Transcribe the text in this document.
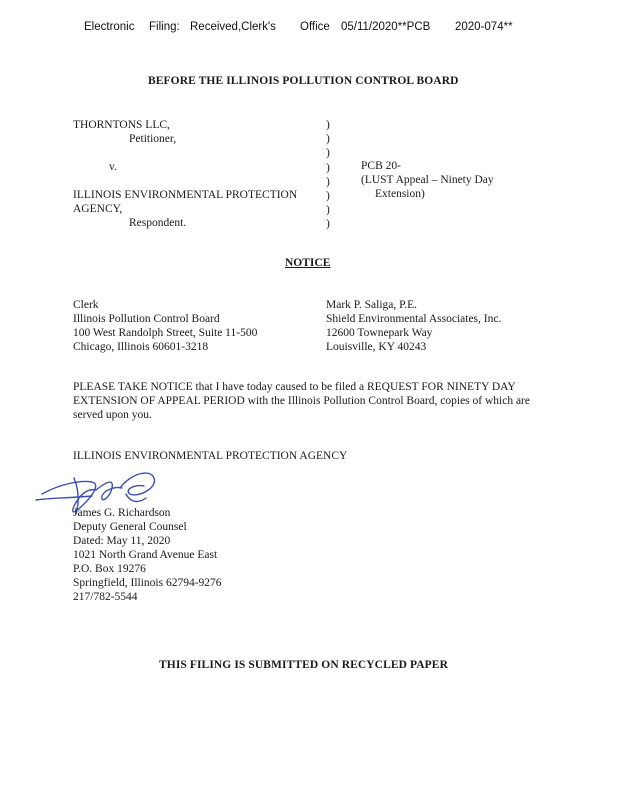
Electronic Filing: Received,Clerk's Office 05/11/2020**PCB 2020-074**
BEFORE THE ILLINOIS POLLUTION CONTROL BOARD
THORNTONS LLC,
Petitioner,
v.
ILLINOIS ENVIRONMENTAL PROTECTION
AGENCY,
Respondent.
)
)
)
)
)
)
)
)
PCB 20-
(LUST Appeal – Ninety Day
Extension)
NOTICE
Clerk
Illinois Pollution Control Board
100 West Randolph Street, Suite 11-500
Chicago, Illinois 60601-3218
Mark P. Saliga, P.E.
Shield Environmental Associates, Inc.
12600 Townepark Way
Louisville, KY 40243
PLEASE TAKE NOTICE that I have today caused to be filed a REQUEST FOR NINETY DAY EXTENSION OF APPEAL PERIOD with the Illinois Pollution Control Board, copies of which are served upon you.
ILLINOIS ENVIRONMENTAL PROTECTION AGENCY
James G. Richardson
Deputy General Counsel
Dated: May 11, 2020
1021 North Grand Avenue East
P.O. Box 19276
Springfield, Illinois 62794-9276
217/782-5544
THIS FILING IS SUBMITTED ON RECYCLED PAPER
